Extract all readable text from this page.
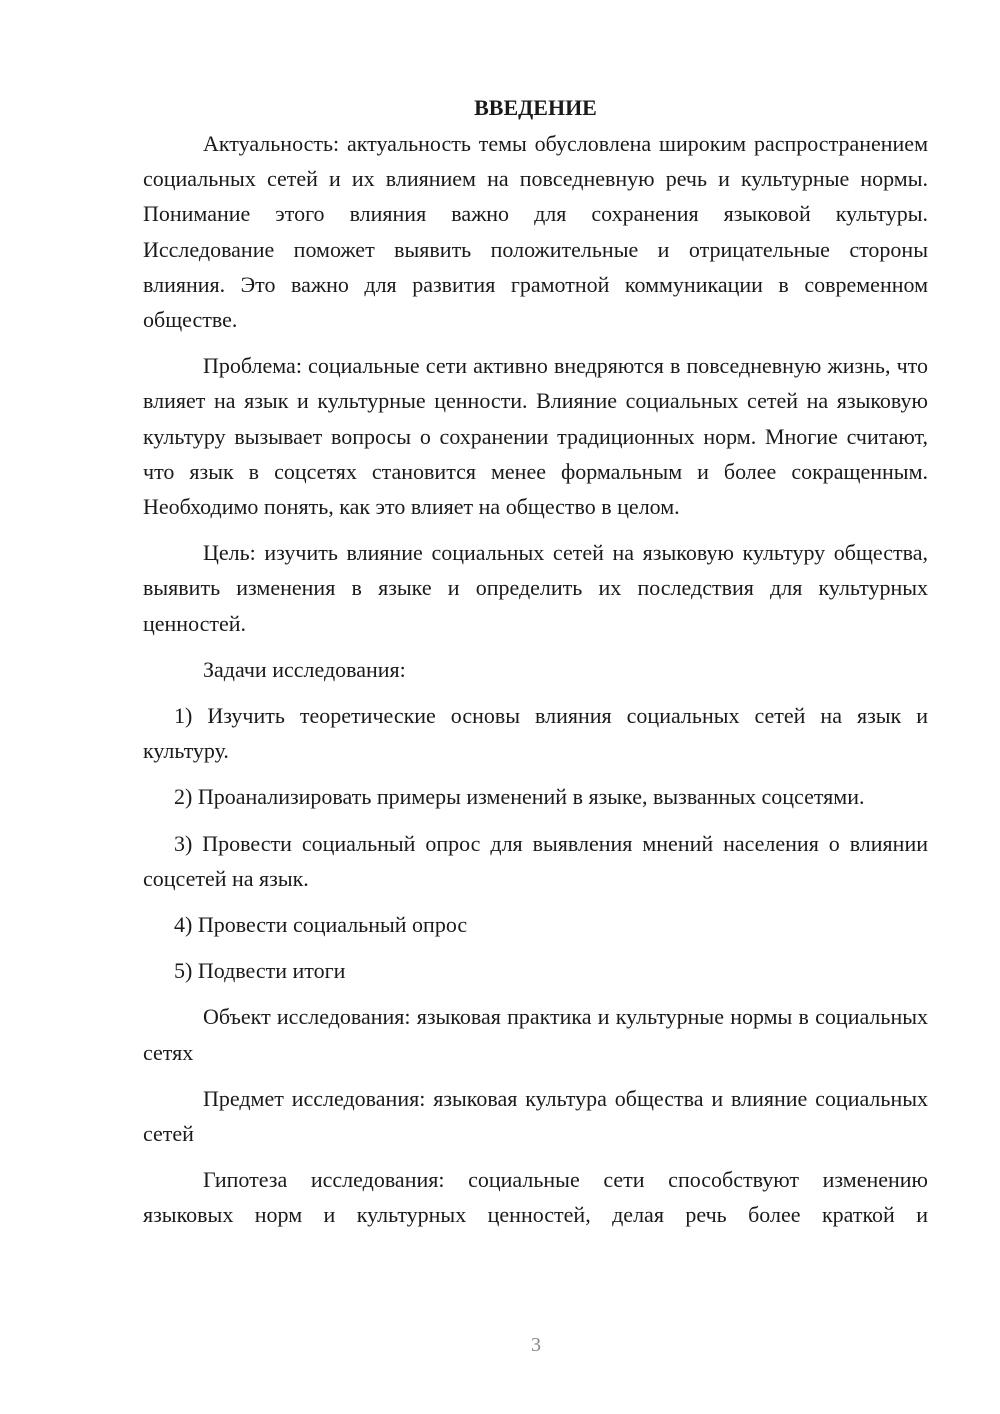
ВВЕДЕНИЕ

Актуальность: актуальность темы обусловлена широким распространением социальных сетей и их влиянием на повседневную речь и культурные нормы. Понимание этого влияния важно для сохранения языковой культуры. Исследование поможет выявить положительные и отрицательные стороны влияния. Это важно для развития грамотной коммуникации в современном обществе.

Проблема: социальные сети активно внедряются в повседневную жизнь, что влияет на язык и культурные ценности. Влияние социальных сетей на языковую культуру вызывает вопросы о сохранении традиционных норм. Многие считают, что язык в соцсетях становится менее формальным и более сокращенным. Необходимо понять, как это влияет на общество в целом.

Цель: изучить влияние социальных сетей на языковую культуру общества, выявить изменения в языке и определить их последствия для культурных ценностей.

Задачи исследования:

1) Изучить теоретические основы влияния социальных сетей на язык и культуру.

2) Проанализировать примеры изменений в языке, вызванных соцсетями.

3) Провести социальный опрос для выявления мнений населения о влиянии соцсетей на язык.

4) Провести социальный опрос

5) Подвести итоги

Объект исследования: языковая практика и культурные нормы в социальных сетях

Предмет исследования: языковая культура общества и влияние социальных сетей

Гипотеза исследования: социальные сети способствуют изменению языковых норм и культурных ценностей, делая речь более краткой и

3
